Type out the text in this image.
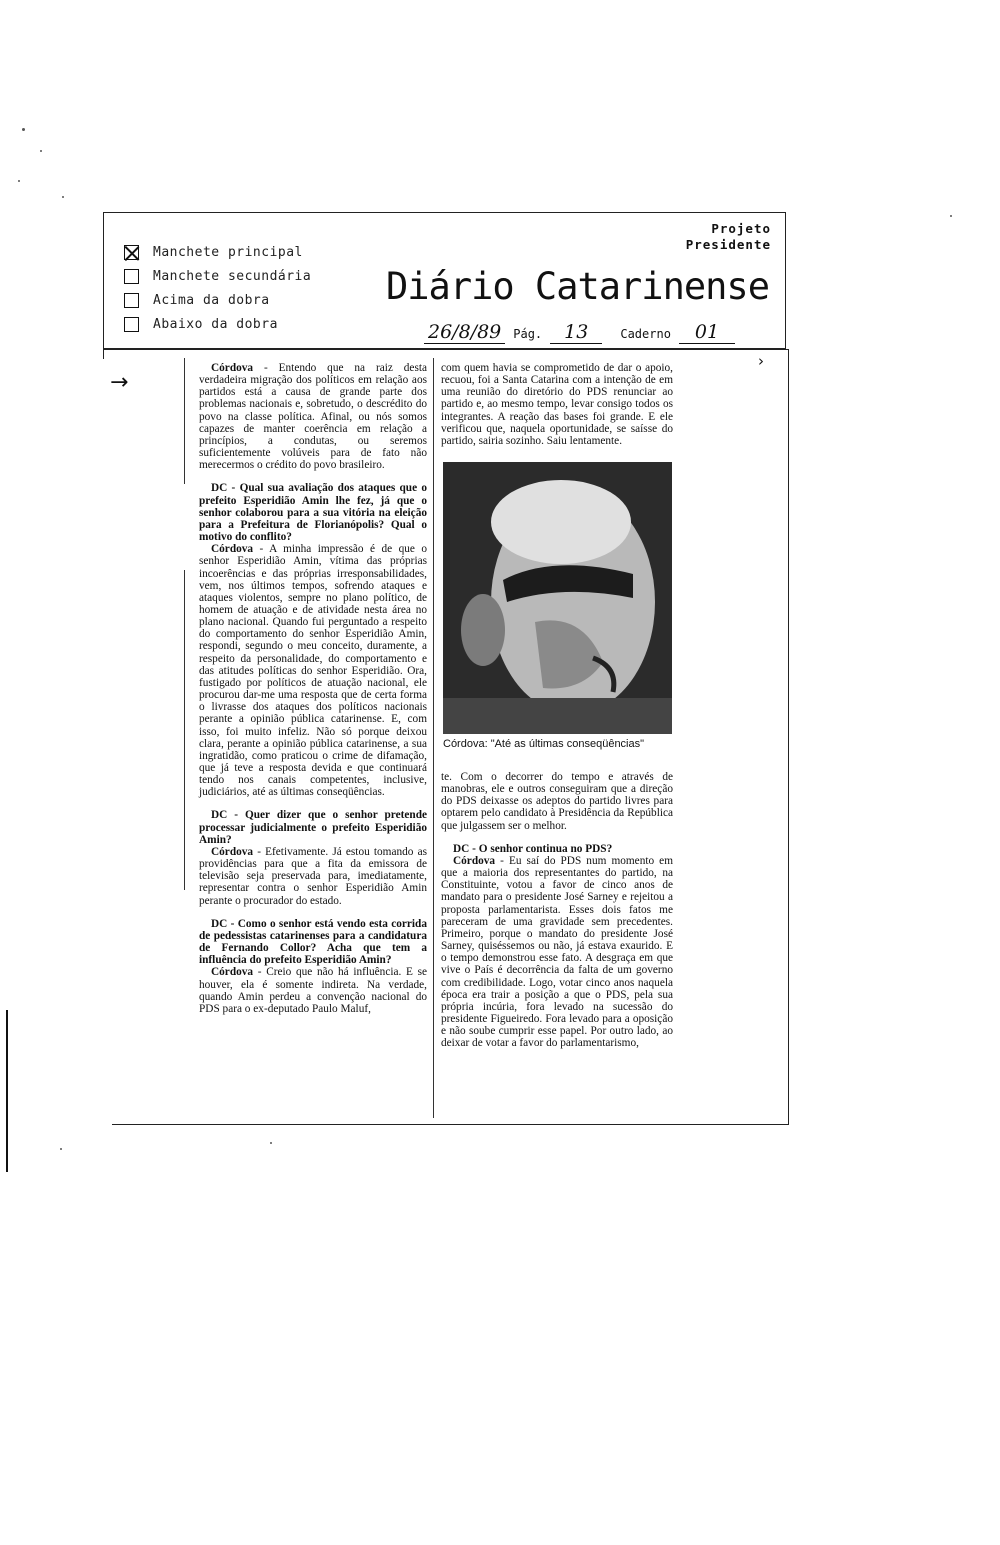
Manchete principal
Manchete secundária
Acima da dobra
Abaixo da dobra
Projeto
Presidente
Diário Catarinense
26/8/89	Pág.	13	Caderno	01
→
›

Córdova - Entendo que na raiz desta verdadeira migração dos políticos em relação aos partidos está a causa de grande parte dos problemas nacionais e, sobretudo, o descrédito do povo na classe política. Afinal, ou nós somos capazes de manter coerência em relação a princípios, a condutas, ou seremos suficientemente volúveis para de fato não merecermos o crédito do povo brasileiro.

DC - Qual sua avaliação dos ataques que o prefeito Esperidião Amin lhe fez, já que o senhor colaborou para a sua vitória na eleição para a Prefeitura de Florianópolis? Qual o motivo do conflito?

Córdova - A minha impressão é de que o senhor Esperidião Amin, vítima das próprias incoerências e das próprias irresponsabilidades, vem, nos últimos tempos, sofrendo ataques e ataques violentos, sempre no plano político, de homem de atuação e de atividade nesta área no plano nacional. Quando fui perguntado a respeito do comportamento do senhor Esperidião Amin, respondi, segundo o meu conceito, duramente, a respeito da personalidade, do comportamento e das atitudes políticas do senhor Esperidião. Ora, fustigado por políticos de atuação nacional, ele procurou dar-me uma resposta que de certa forma o livrasse dos ataques dos políticos nacionais perante a opinião pública catarinense. E, com isso, foi muito infeliz. Não só porque deixou clara, perante a opinião pública catarinense, a sua ingratidão, como praticou o crime de difamação, que já teve a resposta devida e que continuará tendo nos canais competentes, inclusive, judiciários, até as últimas conseqüências.

DC - Quer dizer que o senhor pretende processar judicialmente o prefeito Esperidião Amin?

Córdova - Efetivamente. Já estou tomando as providências para que a fita da emissora de televisão seja preservada para, imediatamente, representar contra o senhor Esperidião Amin perante o procurador do estado.

DC - Como o senhor está vendo esta corrida de pedessistas catarinenses para a candidatura de Fernando Collor? Acha que tem a influência do prefeito Esperidião Amin?

Córdova - Creio que não há influência. E se houver, ela é somente indireta. Na verdade, quando Amin perdeu a convenção nacional do PDS para o ex-deputado Paulo Maluf,

com quem havia se comprometido de dar o apoio, recuou, foi a Santa Catarina com a intenção de em uma reunião do diretório do PDS renunciar ao partido e, ao mesmo tempo, levar consigo todos os integrantes. A reação das bases foi grande. E ele verificou que, naquela oportunidade, se saísse do partido, sairia sozinho. Saiu lentamente.

Córdova: "Até as últimas conseqüências"

te. Com o decorrer do tempo e através de manobras, ele e outros conseguiram que a direção do PDS deixasse os adeptos do partido livres para optarem pelo candidato à Presidência da República que julgassem ser o melhor.

DC - O senhor continua no PDS?

Córdova - Eu saí do PDS num momento em que a maioria dos representantes do partido, na Constituinte, votou a favor de cinco anos de mandato para o presidente José Sarney e rejeitou a proposta parlamentarista. Esses dois fatos me pareceram de uma gravidade sem precedentes. Primeiro, porque o mandato do presidente José Sarney, quiséssemos ou não, já estava exaurido. E o tempo demonstrou esse fato. A desgraça em que vive o País é decorrência da falta de um governo com credibilidade. Logo, votar cinco anos naquela época era trair a posição a que o PDS, pela sua própria incúria, fora levado na sucessão do presidente Figueiredo. Fora levado para a oposição e não soube cumprir esse papel. Por outro lado, ao deixar de votar a favor do parlamentarismo,
